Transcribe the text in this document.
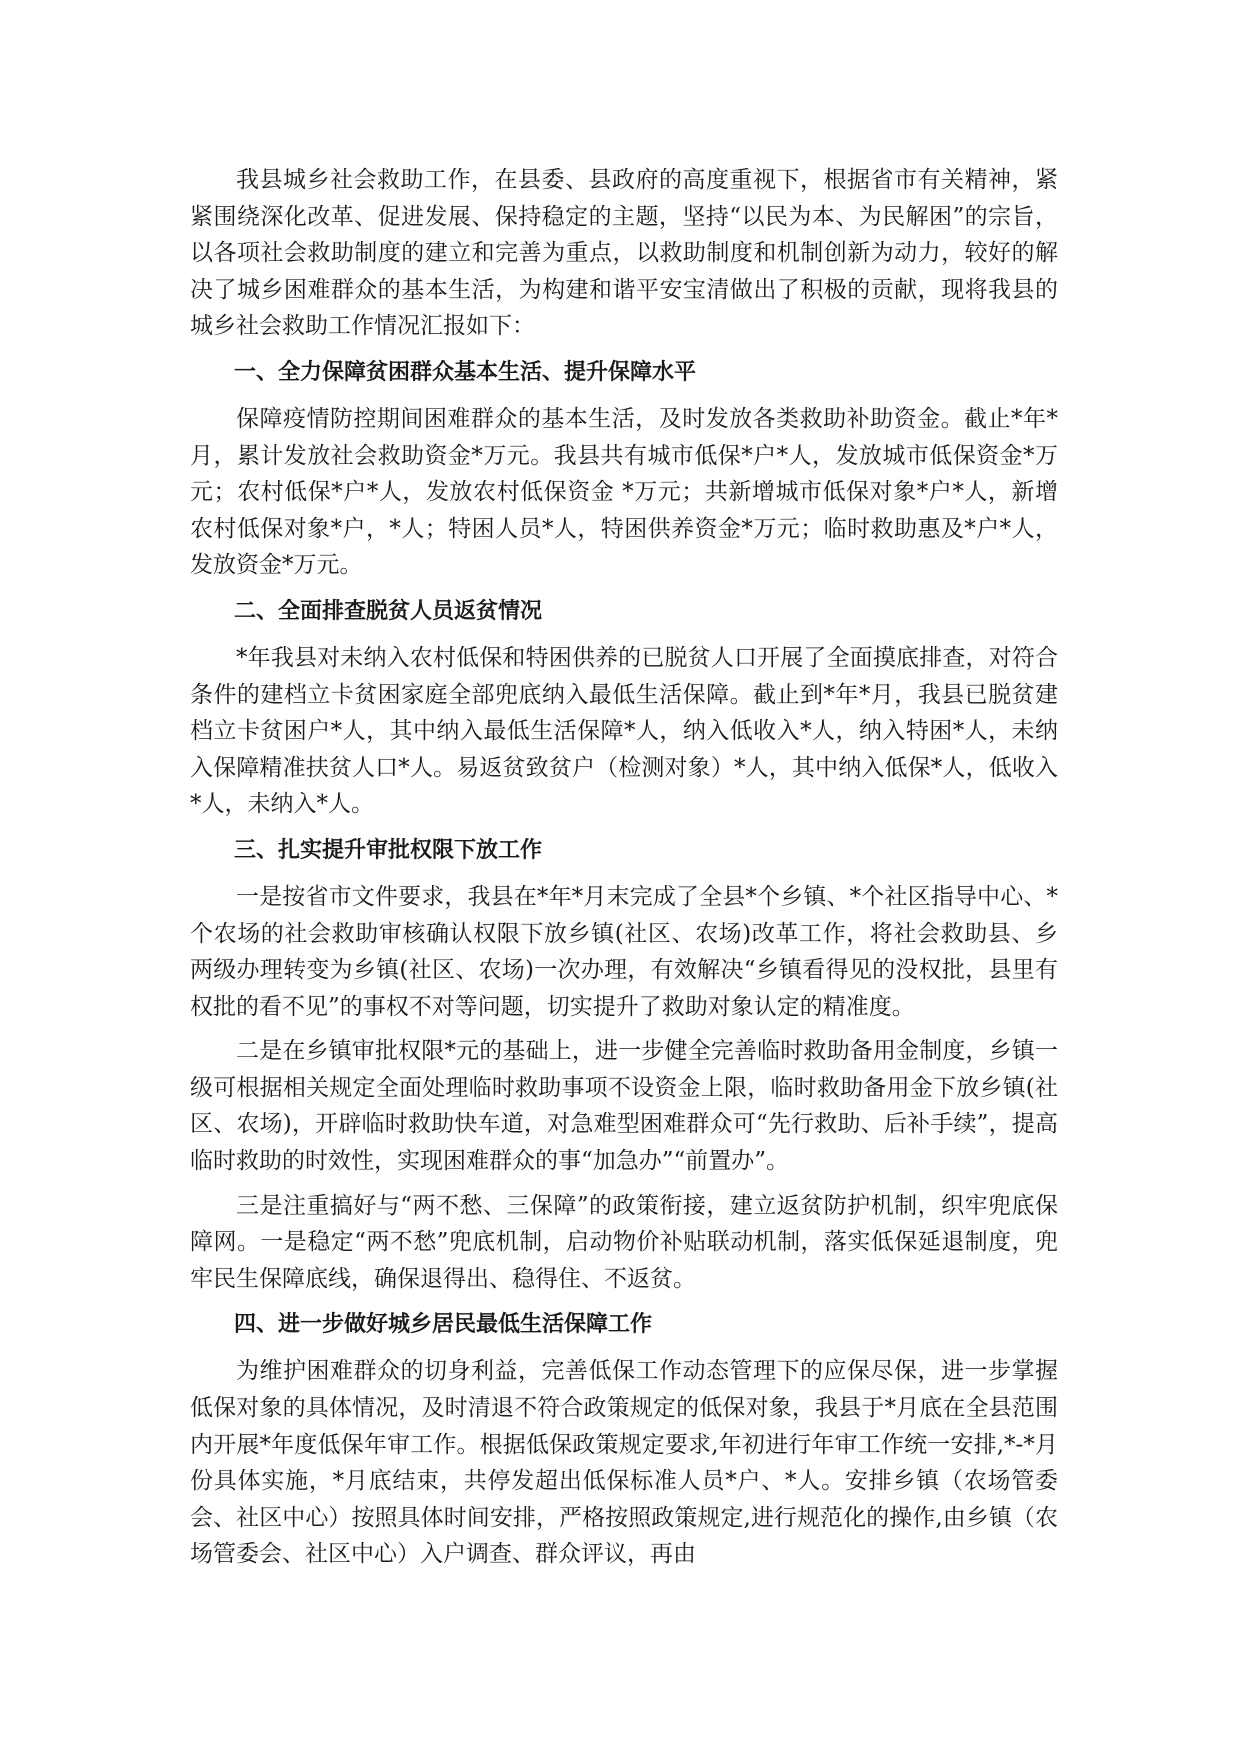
我县城乡社会救助工作，在县委、县政府的高度重视下，根据省市有关精神，紧紧围绕深化改革、促进发展、保持稳定的主题，坚持“以民为本、为民解困”的宗旨，以各项社会救助制度的建立和完善为重点，以救助制度和机制创新为动力，较好的解决了城乡困难群众的基本生活，为构建和谐平安宝清做出了积极的贡献，现将我县的城乡社会救助工作情况汇报如下：

一、全力保障贫困群众基本生活、提升保障水平

保障疫情防控期间困难群众的基本生活，及时发放各类救助补助资金。截止*年*月，累计发放社会救助资金*万元。我县共有城市低保*户*人，发放城市低保资金*万元；农村低保*户*人，发放农村低保资金 *万元；共新增城市低保对象*户*人，新增农村低保对象*户，*人；特困人员*人，特困供养资金*万元；临时救助惠及*户*人，发放资金*万元。

二、全面排查脱贫人员返贫情况

*年我县对未纳入农村低保和特困供养的已脱贫人口开展了全面摸底排查，对符合条件的建档立卡贫困家庭全部兜底纳入最低生活保障。截止到*年*月，我县已脱贫建档立卡贫困户*人，其中纳入最低生活保障*人，纳入低收入*人，纳入特困*人，未纳入保障精准扶贫人口*人。易返贫致贫户（检测对象）*人，其中纳入低保*人，低收入*人，未纳入*人。

三、扎实提升审批权限下放工作

一是按省市文件要求，我县在*年*月末完成了全县*个乡镇、*个社区指导中心、*个农场的社会救助审核确认权限下放乡镇(社区、农场)改革工作，将社会救助县、乡两级办理转变为乡镇(社区、农场)一次办理，有效解决“乡镇看得见的没权批，县里有权批的看不见”的事权不对等问题，切实提升了救助对象认定的精准度。

二是在乡镇审批权限*元的基础上，进一步健全完善临时救助备用金制度，乡镇一级可根据相关规定全面处理临时救助事项不设资金上限，临时救助备用金下放乡镇(社区、农场)，开辟临时救助快车道，对急难型困难群众可“先行救助、后补手续”，提高临时救助的时效性，实现困难群众的事“加急办”“前置办”。

三是注重搞好与“两不愁、三保障”的政策衔接，建立返贫防护机制，织牢兜底保障网。一是稳定“两不愁”兜底机制，启动物价补贴联动机制，落实低保延退制度，兜牢民生保障底线，确保退得出、稳得住、不返贫。

四、进一步做好城乡居民最低生活保障工作

为维护困难群众的切身利益，完善低保工作动态管理下的应保尽保，进一步掌握低保对象的具体情况，及时清退不符合政策规定的低保对象，我县于*月底在全县范围内开展*年度低保年审工作。根据低保政策规定要求,年初进行年审工作统一安排,*-*月份具体实施，*月底结束，共停发超出低保标准人员*户、*人。安排乡镇（农场管委会、社区中心）按照具体时间安排，严格按照政策规定,进行规范化的操作,由乡镇（农场管委会、社区中心）入户调查、群众评议，再由
